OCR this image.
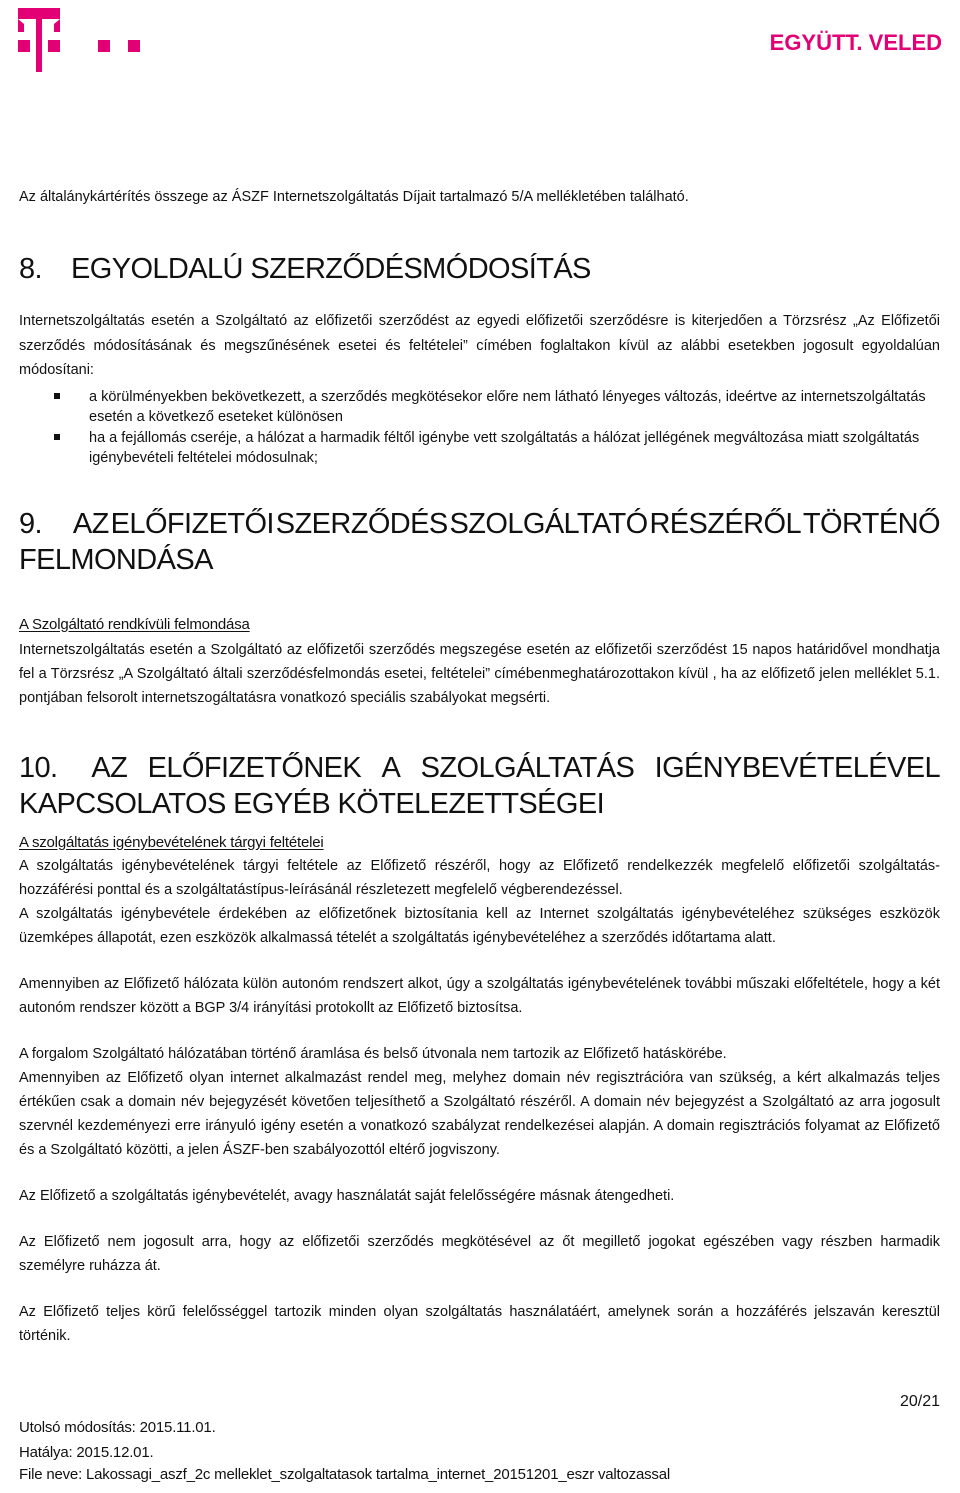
EGYÜTT. VELED

Az általánykártérítés összege az ÁSZF Internetszolgáltatás Díjait tartalmazó 5/A mellékletében található.

8. EGYOLDALÚ SZERZŐDÉSMÓDOSÍTÁS

Internetszolgáltatás esetén a Szolgáltató az előfizetői szerződést az egyedi előfizetői szerződésre is kiterjedően a Törzsrész „Az Előfizetői szerződés módosításának és megszűnésének esetei és feltételei” címében foglaltakon kívül az alábbi esetekben jogosult egyoldalúan módosítani:

a körülményekben bekövetkezett, a szerződés megkötésekor előre nem látható lényeges változás, ideértve az internetszolgáltatás esetén a következő eseteket különösen
ha a fejállomás cseréje, a hálózat a harmadik féltől igénybe vett szolgáltatás a hálózat jellégének megváltozása miatt szolgáltatás igénybevételi feltételei módosulnak;
9.	AZ ELŐFIZETŐI SZERZŐDÉS SZOLGÁLTATÓ RÉSZÉRŐL TÖRTÉNŐ
FELMONDÁSA
A Szolgáltató rendkívüli felmondása

Internetszolgáltatás esetén a Szolgáltató az előfizetői szerződés megszegése esetén az előfizetői szerződést 15 napos határidővel mondhatja fel a Törzsrész „A Szolgáltató általi szerződésfelmondás esetei, feltételei” címébenmeghatározottakon kívül , ha az előfizető jelen melléklet 5.1. pontjában felsorolt internetszogáltatásra vonatkozó speciális szabályokat megsérti.

10.	AZ ELŐFIZETŐNEK A SZOLGÁLTATÁS IGÉNYBEVÉTELÉVEL
KAPCSOLATOS EGYÉB KÖTELEZETTSÉGEI
A szolgáltatás igénybevételének tárgyi feltételei

A szolgáltatás igénybevételének tárgyi feltétele az Előfizető részéről, hogy az Előfizető rendelkezzék megfelelő előfizetői szolgáltatás-hozzáférési ponttal és a szolgáltatástípus-leírásánál részletezett megfelelő végberendezéssel.

A szolgáltatás igénybevétele érdekében az előfizetőnek biztosítania kell az Internet szolgáltatás igénybevételéhez szükséges eszközök üzemképes állapotát, ezen eszközök alkalmassá tételét a szolgáltatás igénybevételéhez a szerződés időtartama alatt.

Amennyiben az Előfizető hálózata külön autonóm rendszert alkot, úgy a szolgáltatás igénybevételének további műszaki előfeltétele, hogy a két autonóm rendszer között a BGP 3/4 irányítási protokollt az Előfizető biztosítsa.

A forgalom Szolgáltató hálózatában történő áramlása és belső útvonala nem tartozik az Előfizető hatáskörébe.

Amennyiben az Előfizető olyan internet alkalmazást rendel meg, melyhez domain név regisztrációra van szükség, a kért alkalmazás teljes értékűen csak a domain név bejegyzését követően teljesíthető a Szolgáltató részéről. A domain név bejegyzést a Szolgáltató az arra jogosult szervnél kezdeményezi erre irányuló igény esetén a vonatkozó szabályzat rendelkezései alapján. A domain regisztrációs folyamat az Előfizető és a Szolgáltató közötti, a jelen ÁSZF-ben szabályozottól eltérő jogviszony.

Az Előfizető a szolgáltatás igénybevételét, avagy használatát saját felelősségére másnak átengedheti.

Az Előfizető nem jogosult arra, hogy az előfizetői szerződés megkötésével az őt megillető jogokat egészében vagy részben harmadik személyre ruházza át.

Az Előfizető teljes körű felelősséggel tartozik minden olyan szolgáltatás használatáért, amelynek során a hozzáférés jelszaván keresztül történik.

20/21
Utolsó módosítás: 2015.11.01.
Hatálya: 2015.12.01.
File neve: Lakossagi_aszf_2c melleklet_szolgaltatasok tartalma_internet_20151201_eszr valtozassal
